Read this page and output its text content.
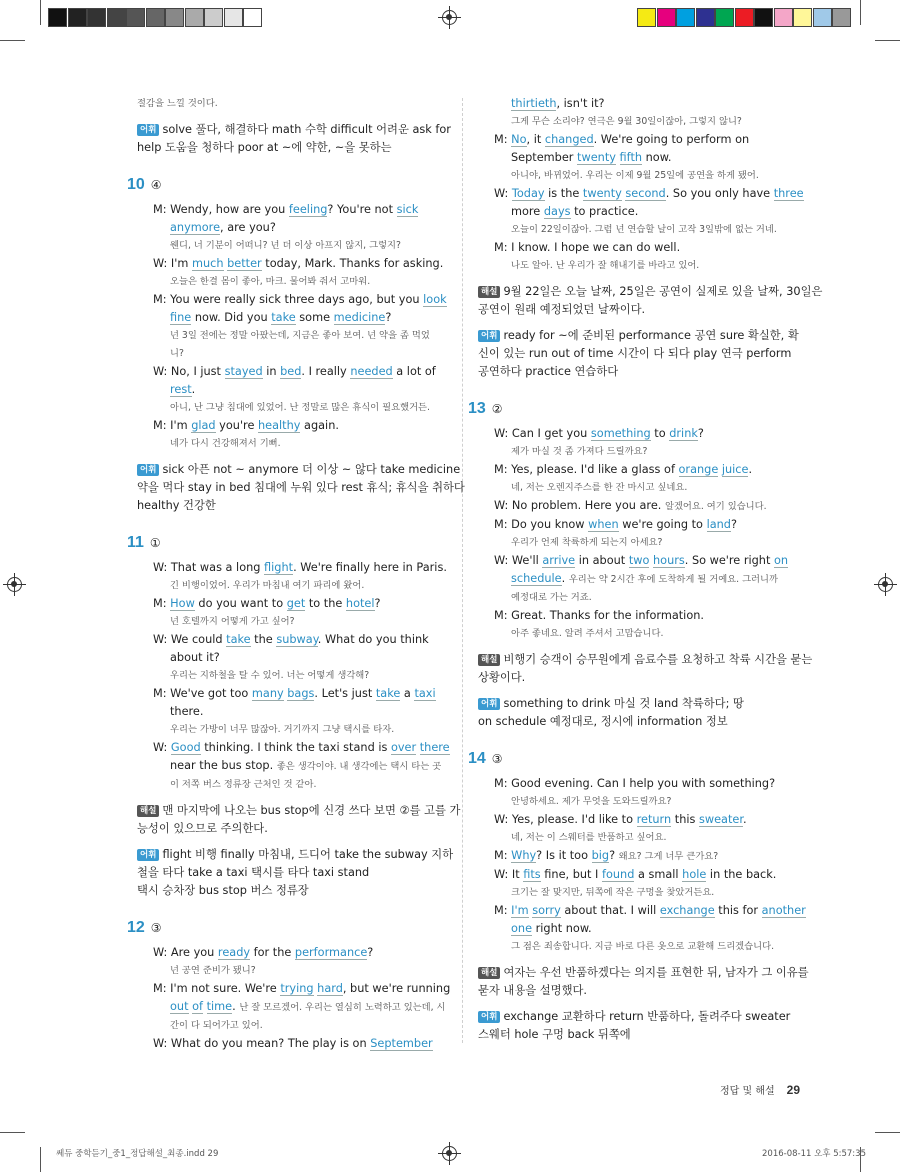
절감을 느낄 것이다.
어휘 solve 풀다, 해결하다 math 수학 difficult 어려운 ask for
help 도움을 청하다 poor at ~에 약한, ~을 못하는
10 ④
M: Wendy, how are you feeling? You're not sick
anymore, are you?
웬디, 너 기분이 어떠니? 넌 더 이상 아프지 않지, 그렇지?
W: I'm much better today, Mark. Thanks for asking.
오늘은 한결 몸이 좋아, 마크. 물어봐 줘서 고마워.
M: You were really sick three days ago, but you look
fine now. Did you take some medicine?
넌 3일 전에는 정말 아팠는데, 지금은 좋아 보여. 넌 약을 좀 먹었
니?
W: No, I just stayed in bed. I really needed a lot of
rest.
아니, 난 그냥 침대에 있었어. 난 정말로 많은 휴식이 필요했거든.
M: I'm glad you're healthy again.
네가 다시 건강해져서 기뻐.
어휘 sick 아픈 not ~ anymore 더 이상 ~ 않다 take medicine
약을 먹다 stay in bed 침대에 누워 있다 rest 휴식; 휴식을 취하다
healthy 건강한
11 ①
W: That was a long flight. We're finally here in Paris.
긴 비행이었어. 우리가 마침내 여기 파리에 왔어.
M: How do you want to get to the hotel?
넌 호텔까지 어떻게 가고 싶어?
W: We could take the subway. What do you think
about it?
우리는 지하철을 탈 수 있어. 너는 어떻게 생각해?
M: We've got too many bags. Let's just take a taxi
there.
우리는 가방이 너무 많잖아. 거기까지 그냥 택시를 타자.
W: Good thinking. I think the taxi stand is over there
near the bus stop. 좋은 생각이야. 내 생각에는 택시 타는 곳
이 저쪽 버스 정류장 근처인 것 같아.
해설 맨 마지막에 나오는 bus stop에 신경 쓰다 보면 ②를 고를 가
능성이 있으므로 주의한다.
어휘 flight 비행 finally 마침내, 드디어 take the subway 지하
철을 타다 take a taxi 택시를 타다 taxi stand
택시 승차장 bus stop 버스 정류장
12 ③
W: Are you ready for the performance?
넌 공연 준비가 됐니?
M: I'm not sure. We're trying hard, but we're running
out of time. 난 잘 모르겠어. 우리는 열심히 노력하고 있는데, 시
간이 다 되어가고 있어.
W: What do you mean? The play is on September
thirtieth, isn't it?
그게 무슨 소리야? 연극은 9월 30일이잖아, 그렇지 않니?
M: No, it changed. We're going to perform on
September twenty fifth now.
아니야, 바뀌었어. 우리는 이제 9월 25일에 공연을 하게 됐어.
W: Today is the twenty second. So you only have three
more days to practice.
오늘이 22일이잖아. 그럼 넌 연습할 날이 고작 3일밖에 없는 거네.
M: I know. I hope we can do well.
나도 알아. 난 우리가 잘 해내기를 바라고 있어.
해설 9월 22일은 오늘 날짜, 25일은 공연이 실제로 있을 날짜, 30일은
공연이 원래 예정되었던 날짜이다.
어휘 ready for ~에 준비된 performance 공연 sure 확실한, 확
신이 있는 run out of time 시간이 다 되다 play 연극 perform
공연하다 practice 연습하다
13 ②
W: Can I get you something to drink?
제가 마실 것 좀 가져다 드릴까요?
M: Yes, please. I'd like a glass of orange juice.
네, 저는 오렌지주스를 한 잔 마시고 싶네요.
W: No problem. Here you are. 알겠어요. 여기 있습니다.
M: Do you know when we're going to land?
우리가 언제 착륙하게 되는지 아세요?
W: We'll arrive in about two hours. So we're right on
schedule. 우리는 약 2시간 후에 도착하게 될 거예요. 그러니까
예정대로 가는 거죠.
M: Great. Thanks for the information.
아주 좋네요. 알려 주셔서 고맙습니다.
해설 비행기 승객이 승무원에게 음료수를 요청하고 착륙 시간을 묻는
상황이다.
어휘 something to drink 마실 것 land 착륙하다; 땅
on schedule 예정대로, 정시에 information 정보
14 ③
M: Good evening. Can I help you with something?
안녕하세요. 제가 무엇을 도와드릴까요?
W: Yes, please. I'd like to return this sweater.
네, 저는 이 스웨터를 반품하고 싶어요.
M: Why? Is it too big? 왜요? 그게 너무 큰가요?
W: It fits fine, but I found a small hole in the back.
크기는 잘 맞지만, 뒤쪽에 작은 구멍을 찾았거든요.
M: I'm sorry about that. I will exchange this for another
one right now.
그 점은 죄송합니다. 지금 바로 다른 옷으로 교환해 드리겠습니다.
해설 여자는 우선 반품하겠다는 의지를 표현한 뒤, 남자가 그 이유를
묻자 내용을 설명했다.
어휘 exchange 교환하다 return 반품하다, 돌려주다 sweater
스웨터 hole 구멍 back 뒤쪽에
정답 및 해설 29
쎄듀 중학듣기_중1_정답해설_최종.indd 29	2016-08-11 오후 5:57:35
